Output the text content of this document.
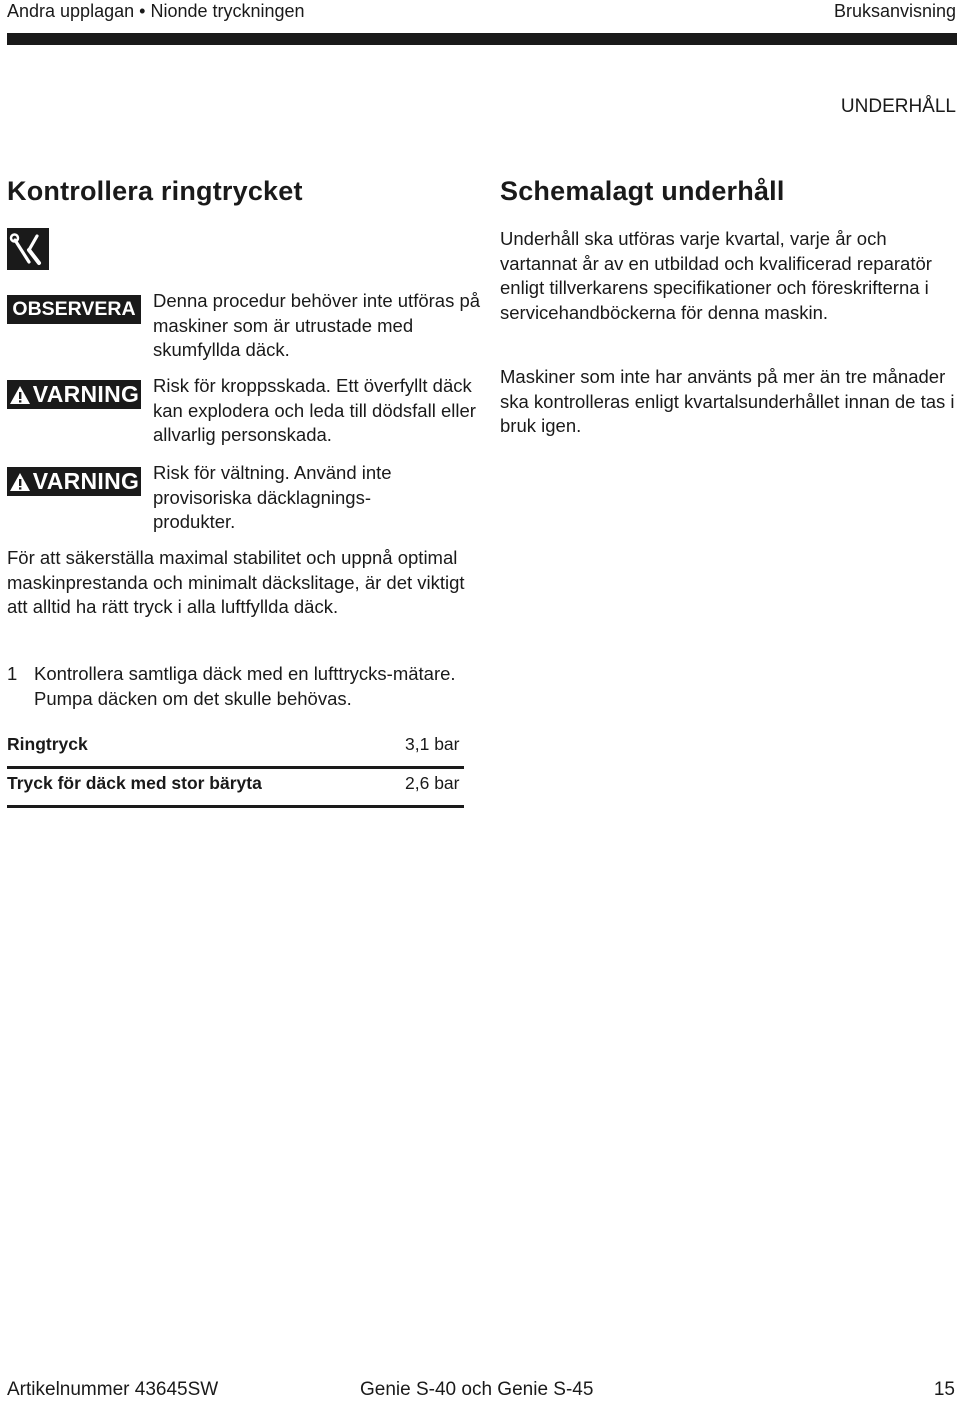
Andra upplagan • Nionde tryckningen	Bruksanvisning
UNDERHÅLL
Kontrollera ringtrycket
OBSERVERA Denna procedur behöver inte utföras på maskiner som är utrustade med skumfyllda däck.
VARNING Risk för kroppsskada. Ett överfyllt däck kan explodera och leda till dödsfall eller allvarlig personskada.
VARNING Risk för vältning. Använd inte provisoriska däcklagnings-produkter.
För att säkerställa maximal stabilitet och uppnå optimal maskinprestanda och minimalt däckslitage, är det viktigt att alltid ha rätt tryck i alla luftfyllda däck.
1 Kontrollera samtliga däck med en lufttrycks-mätare. Pumpa däcken om det skulle behövas.
Ringtryck	3,1 bar
Tryck för däck med stor bäryta	2,6 bar
Schemalagt underhåll
Underhåll ska utföras varje kvartal, varje år och vartannat år av en utbildad och kvalificerad reparatör enligt tillverkarens specifikationer och föreskrifterna i servicehandböckerna för denna maskin.
Maskiner som inte har använts på mer än tre månader ska kontrolleras enligt kvartalsunderhållet innan de tas i bruk igen.
Artikelnummer 43645SW	Genie S-40 och Genie S-45	15
